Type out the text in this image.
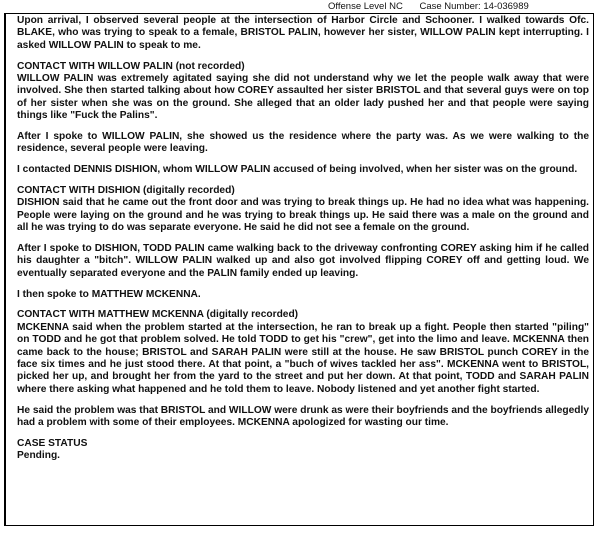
Offense Level NC Case Number: 14-036989

Upon arrival, I observed several people at the intersection of Harbor Circle and Schooner. I walked towards Ofc. BLAKE, who was trying to speak to a female, BRISTOL PALIN, however her sister, WILLOW PALIN kept interrupting. I asked WILLOW PALIN to speak to me.

CONTACT WITH WILLOW PALIN (not recorded)
WILLOW PALIN was extremely agitated saying she did not understand why we let the people walk away that were involved. She then started talking about how COREY assaulted her sister BRISTOL and that several guys were on top of her sister when she was on the ground. She alleged that an older lady pushed her and that people were saying things like "Fuck the Palins".

After I spoke to WILLOW PALIN, she showed us the residence where the party was. As we were walking to the residence, several people were leaving.

I contacted DENNIS DISHION, whom WILLOW PALIN accused of being involved, when her sister was on the ground.

CONTACT WITH DISHION (digitally recorded)
DISHION said that he came out the front door and was trying to break things up. He had no idea what was happening. People were laying on the ground and he was trying to break things up. He said there was a male on the ground and all he was trying to do was separate everyone. He said he did not see a female on the ground.

After I spoke to DISHION, TODD PALIN came walking back to the driveway confronting COREY asking him if he called his daughter a "bitch". WILLOW PALIN walked up and also got involved flipping COREY off and getting loud. We eventually separated everyone and the PALIN family ended up leaving.

I then spoke to MATTHEW MCKENNA.

CONTACT WITH MATTHEW MCKENNA (digitally recorded)
MCKENNA said when the problem started at the intersection, he ran to break up a fight. People then started "piling" on TODD and he got that problem solved. He told TODD to get his "crew", get into the limo and leave. MCKENNA then came back to the house; BRISTOL and SARAH PALIN were still at the house. He saw BRISTOL punch COREY in the face six times and he just stood there. At that point, a "buch of wives tackled her ass". MCKENNA went to BRISTOL, picked her up, and brought her from the yard to the street and put her down. At that point, TODD and SARAH PALIN where there asking what happened and he told them to leave. Nobody listened and yet another fight started.

He said the problem was that BRISTOL and WILLOW were drunk as were their boyfriends and the boyfriends allegedly had a problem with some of their employees. MCKENNA apologized for wasting our time.

CASE STATUS
Pending.
